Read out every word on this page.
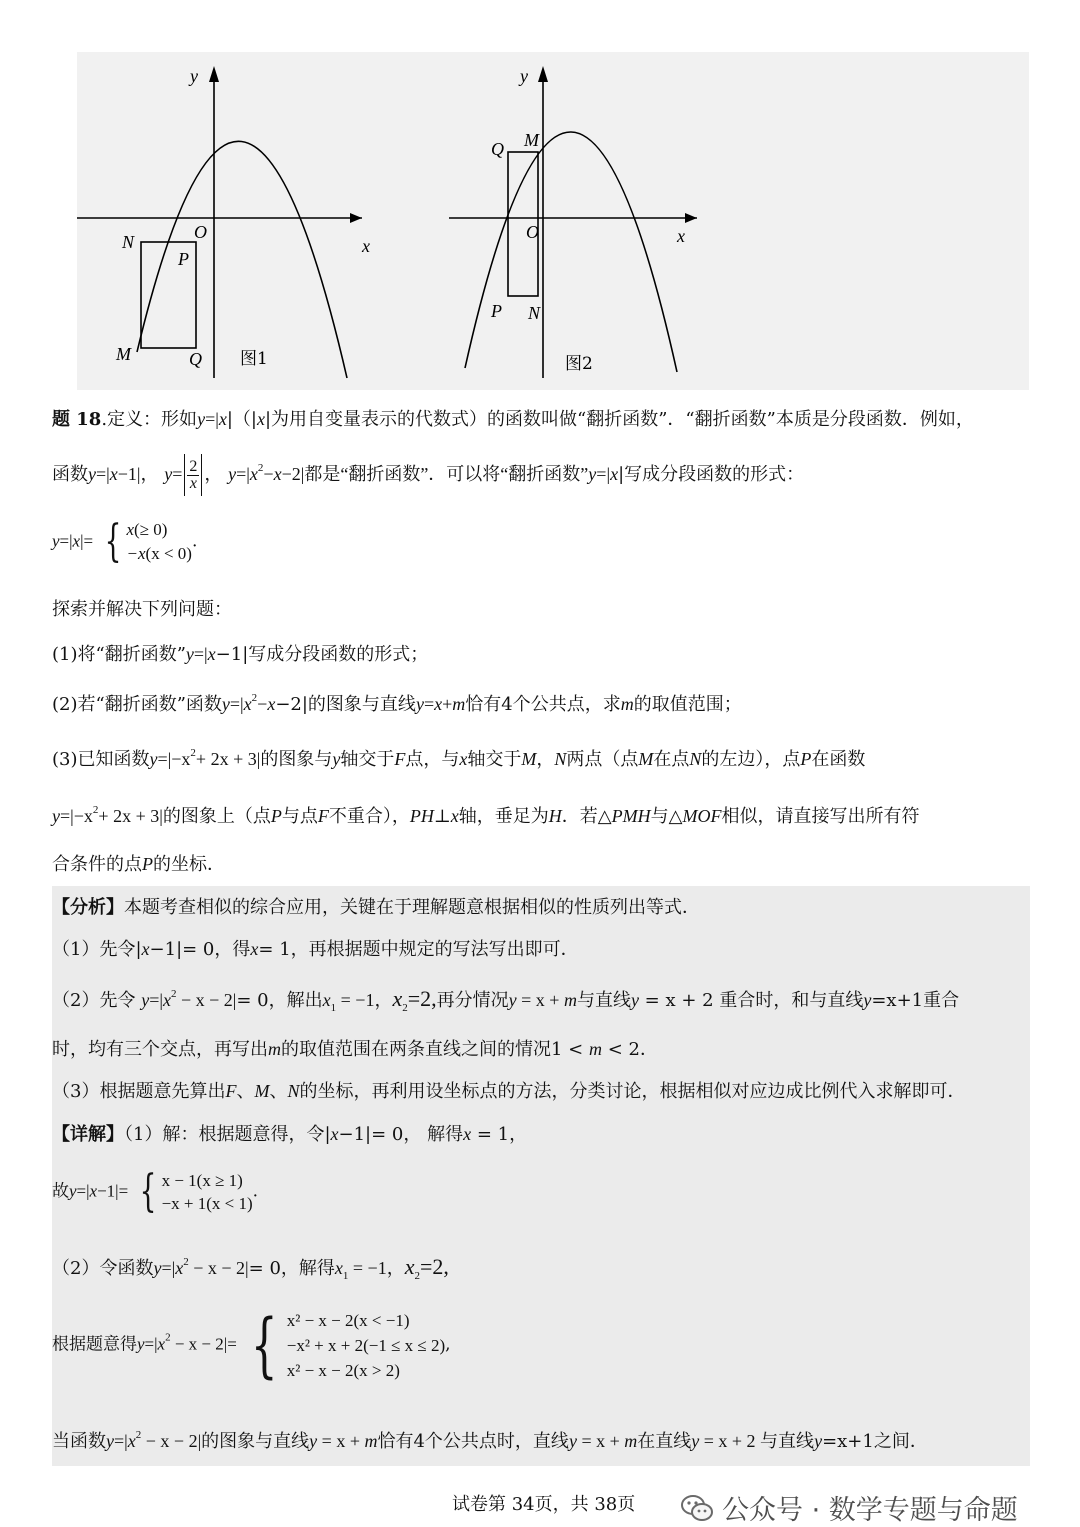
y
x
O
N
P
M	Q 图1
y
x
O
Q M
P N
图2
题 18.定义：形如y=|x|（|x|为用自变量表示的代数式）的函数叫做“翻折函数”．“翻折函数”本质是分段函数．例如，
函数y=|x−1|， $y= \frac{2}{x}$ ， $y=|x^2-x-2|$都是“翻折函数”．可以将“翻折函数”y=|x|写成分段函数的形式：
y=|x|= { x(≥ 0)
−x(x < 0)
.
探索并解决下列问题：
(1)将“翻折函数”y=|x−1|写成分段函数的形式；
(2)若“翻折函数”函数$y=|x^2-x-2|$的图象与直线y=x+m恰有4个公共点，求m的取值范围；
(3)已知函数$y=|-x^2+ 2x + 3|$的图象与y轴交于F点，与x轴交于M，N两点（点M在点N的左边），点P在函数
$y=|-x^2+ 2x + 3|$的图象上（点P与点F不重合），PH⊥x轴，垂足为H．若△PMH与△MOF相似，请直接写出所有符
合条件的点P的坐标．
【分析】本题考查相似的综合应用，关键在于理解题意根据相似的性质列出等式．
（1）先令|x−1|= 0，得x= 1，再根据题中规定的写法写出即可．
（2）先令 $y=|x^2 - x - 2|= 0$，解出$x_1 = -1$，$x_2=2$,再分情况y = x + m与直线y = x + 2 重合时，和与直线y=x+1重合
时，均有三个交点，再写出m的取值范围在两条直线之间的情况1 < m < 2．
（3）根据题意先算出F、M、N的坐标，再利用设坐标点的方法，分类讨论，根据相似对应边成比例代入求解即可．
【详解】（1）解：根据题意得，令|x−1|= 0， 解得x = 1，
故y=|x−1|= { x − 1(x ≥ 1)
−x + 1(x < 1)
.
（2）令函数$y=|x^2 - x - 2|= 0$，解得$x_1 = -1$，$x_2=2$,
根据题意得$y=|x^2 - x - 2|=$ { x² − x − 2(x < −1)
−x² + x + 2(−1 ≤ x ≤ 2)
x² − x − 2(x > 2)
,
当函数$y=|x^2 - x - 2|$的图象与直线y = x + m恰有4个公共点时，直线y = x + m在直线y = x + 2 与直线y=x+1之间．
试卷第 34页，共 38页	公众号 · 数学专题与命题
